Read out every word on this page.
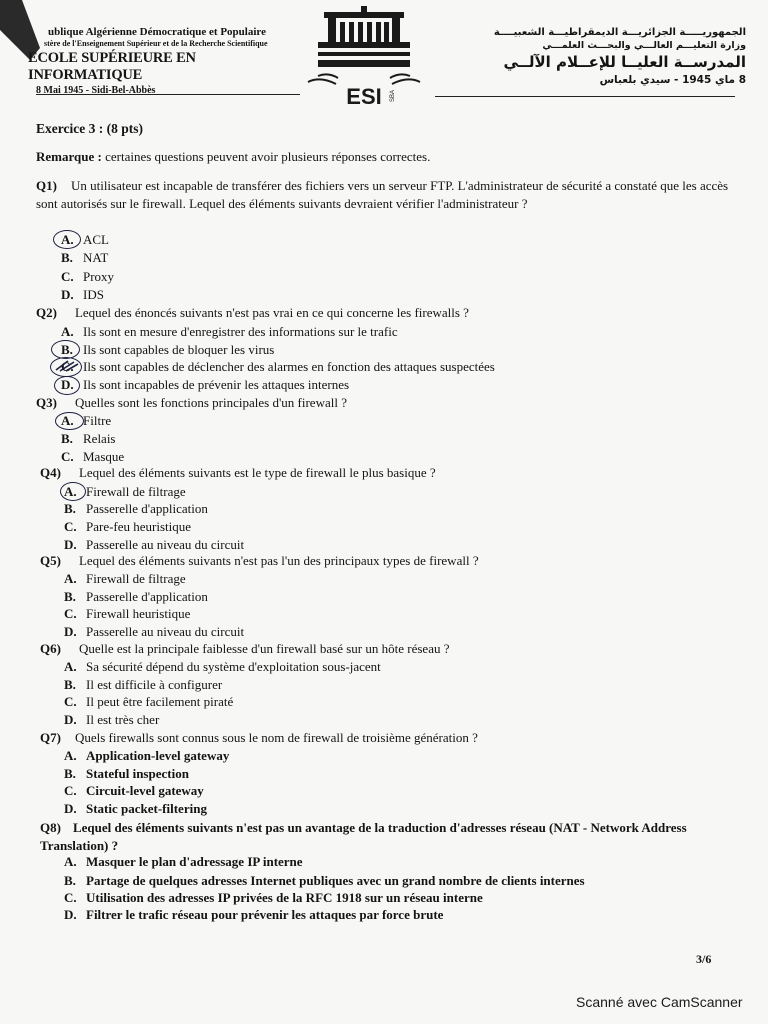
ublique Algérienne Démocratique et Populaire
stère de l'Enseignement Supérieur et de la Recherche Scientifique
ECOLE SUPÉRIEURE EN INFORMATIQUE
8 Mai 1945 - Sidi-Bel-Abbès	ESI SBA
الجمهوريـــــة الجزائريـــة الديمقراطيـــة الشعبيــــة
وزارة التعليـــم العالـــي والبحـــث العلمـــي
المدرســة العليــا للإعــلام الآلــي
8 ماي 1945 - سيدي بلعباس
Exercice 3 : (8 pts)
Remarque : certaines questions peuvent avoir plusieurs réponses correctes.
Q1) Un utilisateur est incapable de transférer des fichiers vers un serveur FTP. L'administrateur de sécurité a constaté que les accès sont autorisés sur le firewall. Lequel des éléments suivants devraient vérifier l'administrateur ?
A. ACL
B. NAT
C. Proxy
D. IDS
Q2) Lequel des énoncés suivants n'est pas vrai en ce qui concerne les firewalls ?
A. Ils sont en mesure d'enregistrer des informations sur le trafic
B. Ils sont capables de bloquer les virus
C. Ils sont capables de déclencher des alarmes en fonction des attaques suspectées
D. Ils sont incapables de prévenir les attaques internes
Q3) Quelles sont les fonctions principales d'un firewall ?
A. Filtre
B. Relais
C. Masque
Q4) Lequel des éléments suivants est le type de firewall le plus basique ?
A. Firewall de filtrage
B. Passerelle d'application
C. Pare-feu heuristique
D. Passerelle au niveau du circuit
Q5) Lequel des éléments suivants n'est pas l'un des principaux types de firewall ?
A. Firewall de filtrage
B. Passerelle d'application
C. Firewall heuristique
D. Passerelle au niveau du circuit
Q6) Quelle est la principale faiblesse d'un firewall basé sur un hôte réseau ?
A. Sa sécurité dépend du système d'exploitation sous-jacent
B. Il est difficile à configurer
C. Il peut être facilement piraté
D. Il est très cher
Q7) Quels firewalls sont connus sous le nom de firewall de troisième génération ?
A. Application-level gateway
B. Stateful inspection
C. Circuit-level gateway
D. Static packet-filtering
Q8) Lequel des éléments suivants n'est pas un avantage de la traduction d'adresses réseau (NAT - Network Address Translation) ?
A. Masquer le plan d'adressage IP interne
B. Partage de quelques adresses Internet publiques avec un grand nombre de clients internes
C. Utilisation des adresses IP privées de la RFC 1918 sur un réseau interne
D. Filtrer le trafic réseau pour prévenir les attaques par force brute
3/6
Scanné avec CamScanner
